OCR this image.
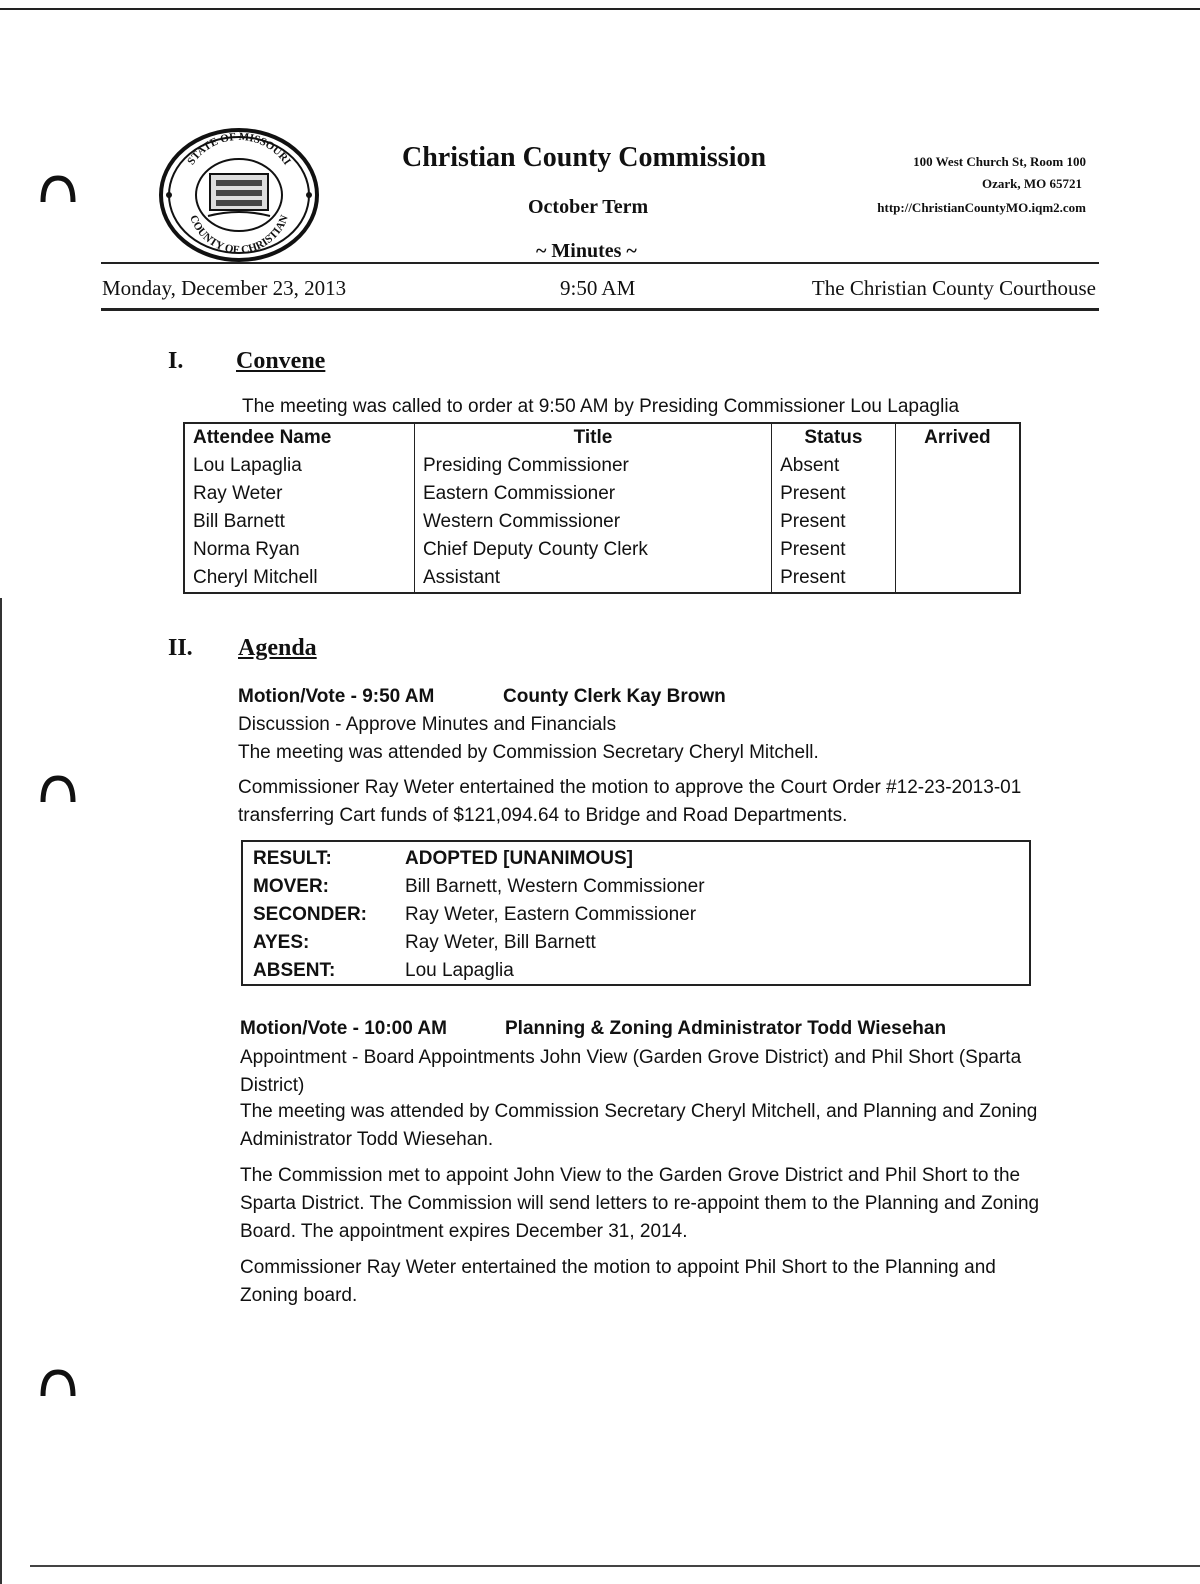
STATE OF MISSOURI
COUNTY OF CHRISTIAN
Christian County Commission
October Term
~ Minutes ~
100 West Church St, Room 100
Ozark, MO 65721
http://ChristianCountyMO.iqm2.com
Monday, December 23, 2013	9:50 AM	The Christian County Courthouse
I. Convene
The meeting was called to order at 9:50 AM by Presiding Commissioner Lou Lapaglia
Attendee Name	Title	Status	Arrived
Lou Lapaglia	Presiding Commissioner	Absent	
Ray Weter	Eastern Commissioner	Present	
Bill Barnett	Western Commissioner	Present	
Norma Ryan	Chief Deputy County Clerk	Present	
Cheryl Mitchell	Assistant	Present	
II. Agenda
Motion/Vote - 9:50 AM	County Clerk Kay Brown
Discussion - Approve Minutes and Financials
The meeting was attended by Commission Secretary Cheryl Mitchell.
Commissioner Ray Weter entertained the motion to approve the Court Order #12-23-2013-01 transferring Cart funds of $121,094.64 to Bridge and Road Departments.
RESULT:	ADOPTED [UNANIMOUS]
MOVER:	Bill Barnett, Western Commissioner
SECONDER: Ray Weter, Eastern Commissioner
AYES:	Ray Weter, Bill Barnett
ABSENT:	Lou Lapaglia
Motion/Vote - 10:00 AM	Planning & Zoning Administrator Todd Wiesehan
Appointment - Board Appointments John View (Garden Grove District) and Phil Short (Sparta District)
The meeting was attended by Commission Secretary Cheryl Mitchell, and Planning and Zoning Administrator Todd Wiesehan.
The Commission met to appoint John View to the Garden Grove District and Phil Short to the Sparta District. The Commission will send letters to re-appoint them to the Planning and Zoning Board. The appointment expires December 31, 2014.
Commissioner Ray Weter entertained the motion to appoint Phil Short to the Planning and Zoning board.
